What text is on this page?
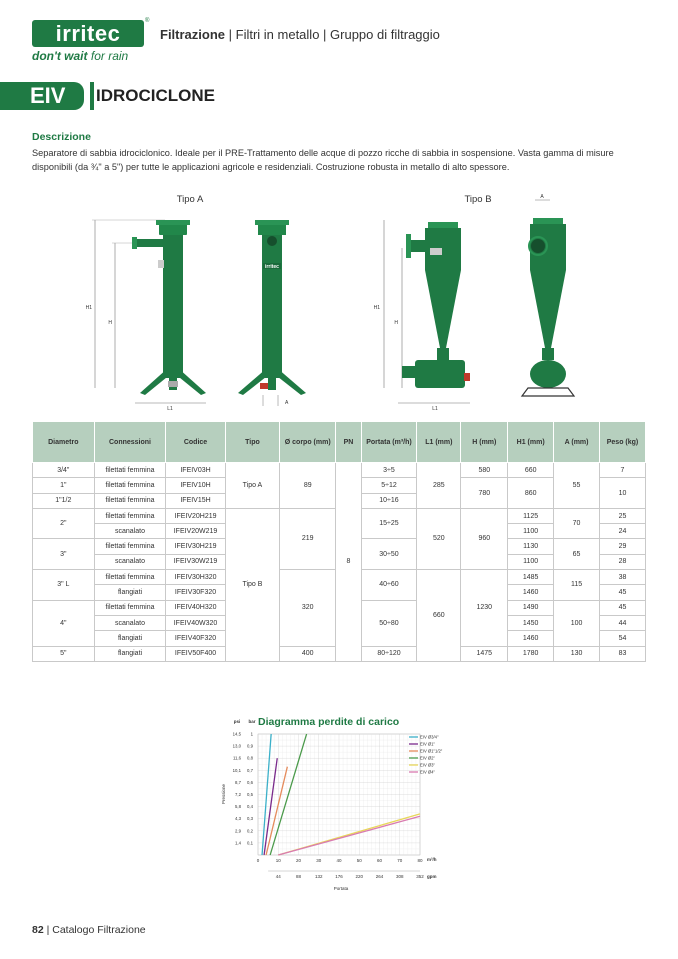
irritec	®
don't wait for rain
Filtrazione | Filtri in metallo | Gruppo di filtraggio
EIV	IDROCICLONE
Descrizione
Separatore di sabbia idrociclonico. Ideale per il PRE-Trattamento delle acque di pozzo ricche di sabbia in sospensione. Vasta gamma di misure disponibili (da ¾" a 5") per tutte le applicazioni agricole e residenziali. Costruzione robusta in metallo di alto spessore.
Tipo A	Tipo B
H1
H
L1
irritec
A
H1
H
L1
A
Diametro	Connessioni	Codice	Tipo	Ø corpo (mm)	PN	Portata (m³/h)	L1 (mm)	H (mm)	H1 (mm)	A (mm)	Peso (kg)
3/4"	filettati femmina	IFEIV03H	Tipo A	89	8	3÷5	285	580	660	55	7
1"	filettati femmina	IFEIV10H				5÷12		780	860		10
1"1/2	filettati femmina	IFEIV15H				10÷16					
2"	filettati femmina	IFEIV20H219	Tipo B	219		15÷25	520	960	1125	70	25
	scanalato	IFEIV20W219							1100		24
3"	filettati femmina	IFEIV30H219				30÷50			1130	65	29
	scanalato	IFEIV30W219							1100		28
3" L	filettati femmina	IFEIV30H320		320		40÷60	660	1230	1485	115	38
	flangiati	IFEIV30F320							1460		45
4"	filettati femmina	IFEIV40H320				50÷80			1490	100	45
	scanalato	IFEIV40W320							1450		44
	flangiati	IFEIV40F320							1460		54
5"	flangiati	IFEIV50F400		400		80÷120		1475	1780	130	83
Diagramma perdite di carico
psi bar
m³/h
gpm
Portata
Pressione
0	10	20	30	40	50	60	70	80
44	88	132	176	220	264	308	352
14,5
13,0
11,6
10,1
8,7
7,2
5,8
4,3
2,9
1,4
1
0,9
0,8
0,7
0,6
0,5
0,4
0,3
0,2
0,1
EIV Ø3/4"
EIV Ø1"
EIV Ø1"1/2"
EIV Ø2"
EIV Ø3"
EIV Ø4"
82 | Catalogo Filtrazione
